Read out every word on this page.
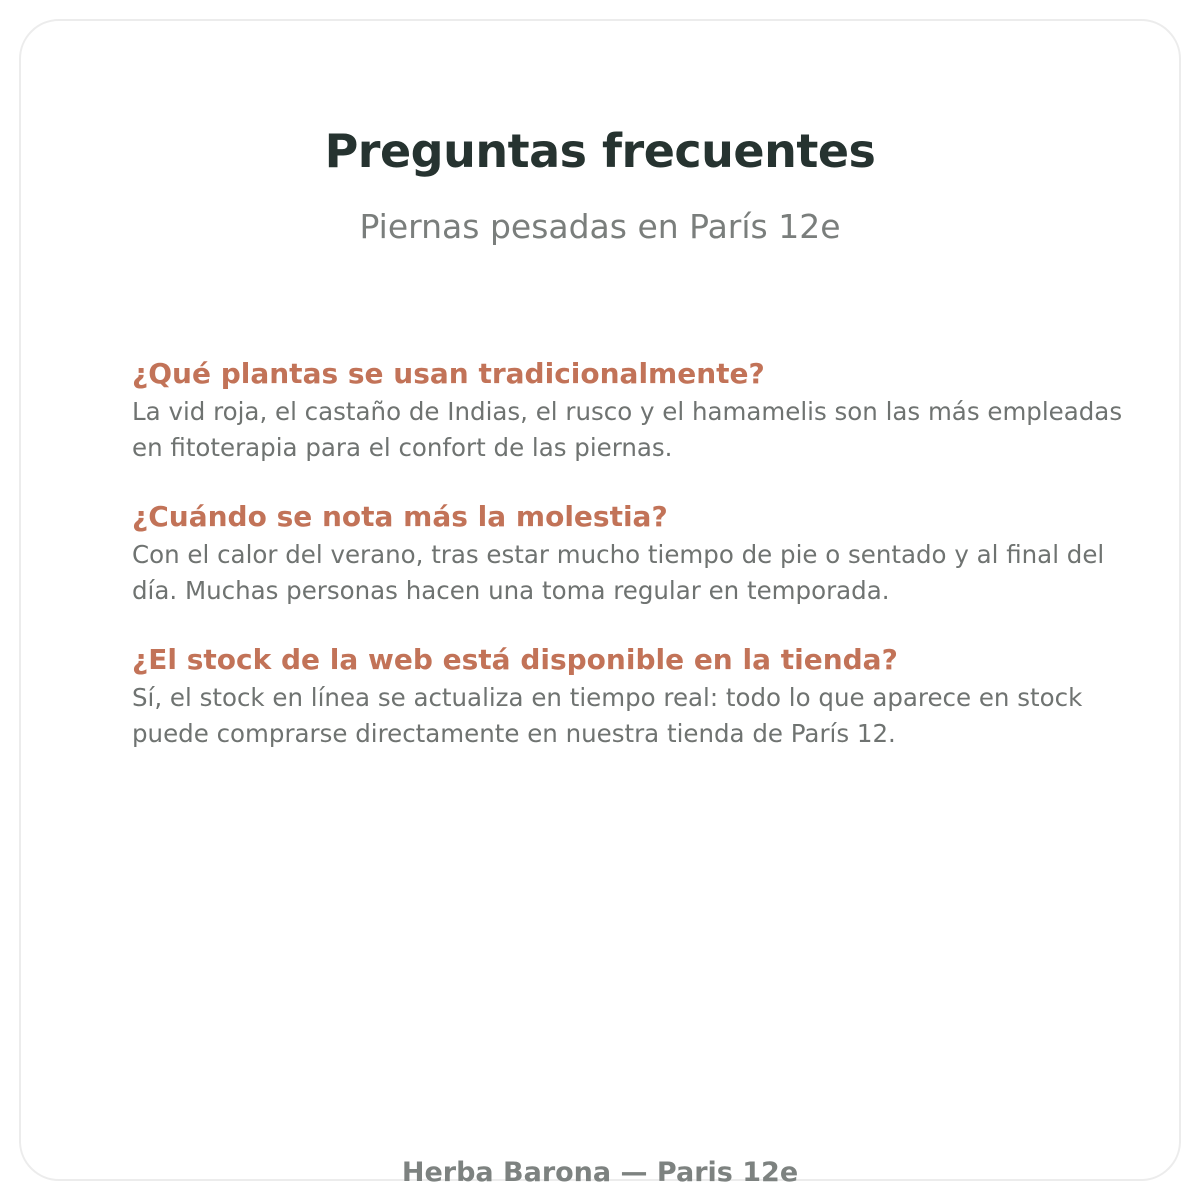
Preguntas frecuentes

Piernas pesadas en París 12e

¿Qué plantas se usan tradicionalmente?

La vid roja, el castaño de Indias, el rusco y el hamamelis son las más empleadas en fitoterapia para el confort de las piernas.

¿Cuándo se nota más la molestia?

Con el calor del verano, tras estar mucho tiempo de pie o sentado y al final del día. Muchas personas hacen una toma regular en temporada.

¿El stock de la web está disponible en la tienda?

Sí, el stock en línea se actualiza en tiempo real: todo lo que aparece en stock puede comprarse directamente en nuestra tienda de París 12.

Herba Barona — Paris 12e
